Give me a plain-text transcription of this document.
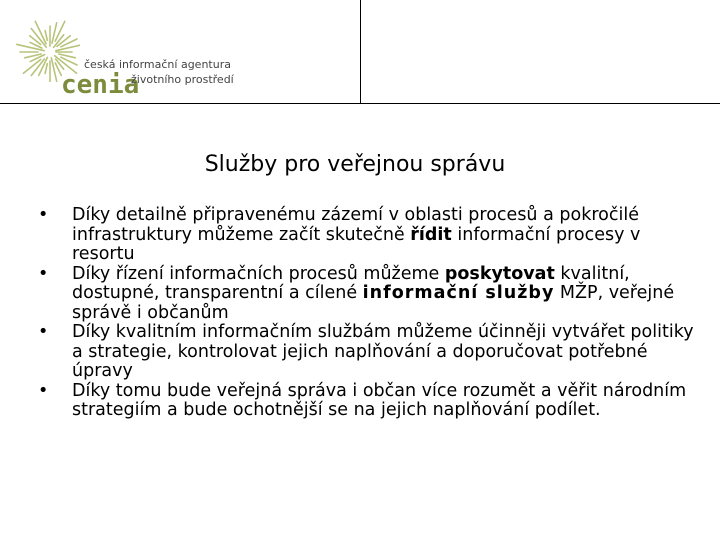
česká informační agentura
cenia
životního prostředí
Služby pro veřejnou správu
• Díky detailně připravenému zázemí v oblasti procesů a pokročilé infrastruktury můžeme začít skutečně řídit informační procesy v resortu
• Díky řízení informačních procesů můžeme poskytovat kvalitní, dostupné, transparentní a cílené informační služby MŽP, veřejné správě i občanům
• Díky kvalitním informačním službám můžeme účinněji vytvářet politiky a strategie, kontrolovat jejich naplňování a doporučovat potřebné úpravy
• Díky tomu bude veřejná správa i občan více rozumět a věřit národním strategiím a bude ochotnější se na jejich naplňování podílet.
